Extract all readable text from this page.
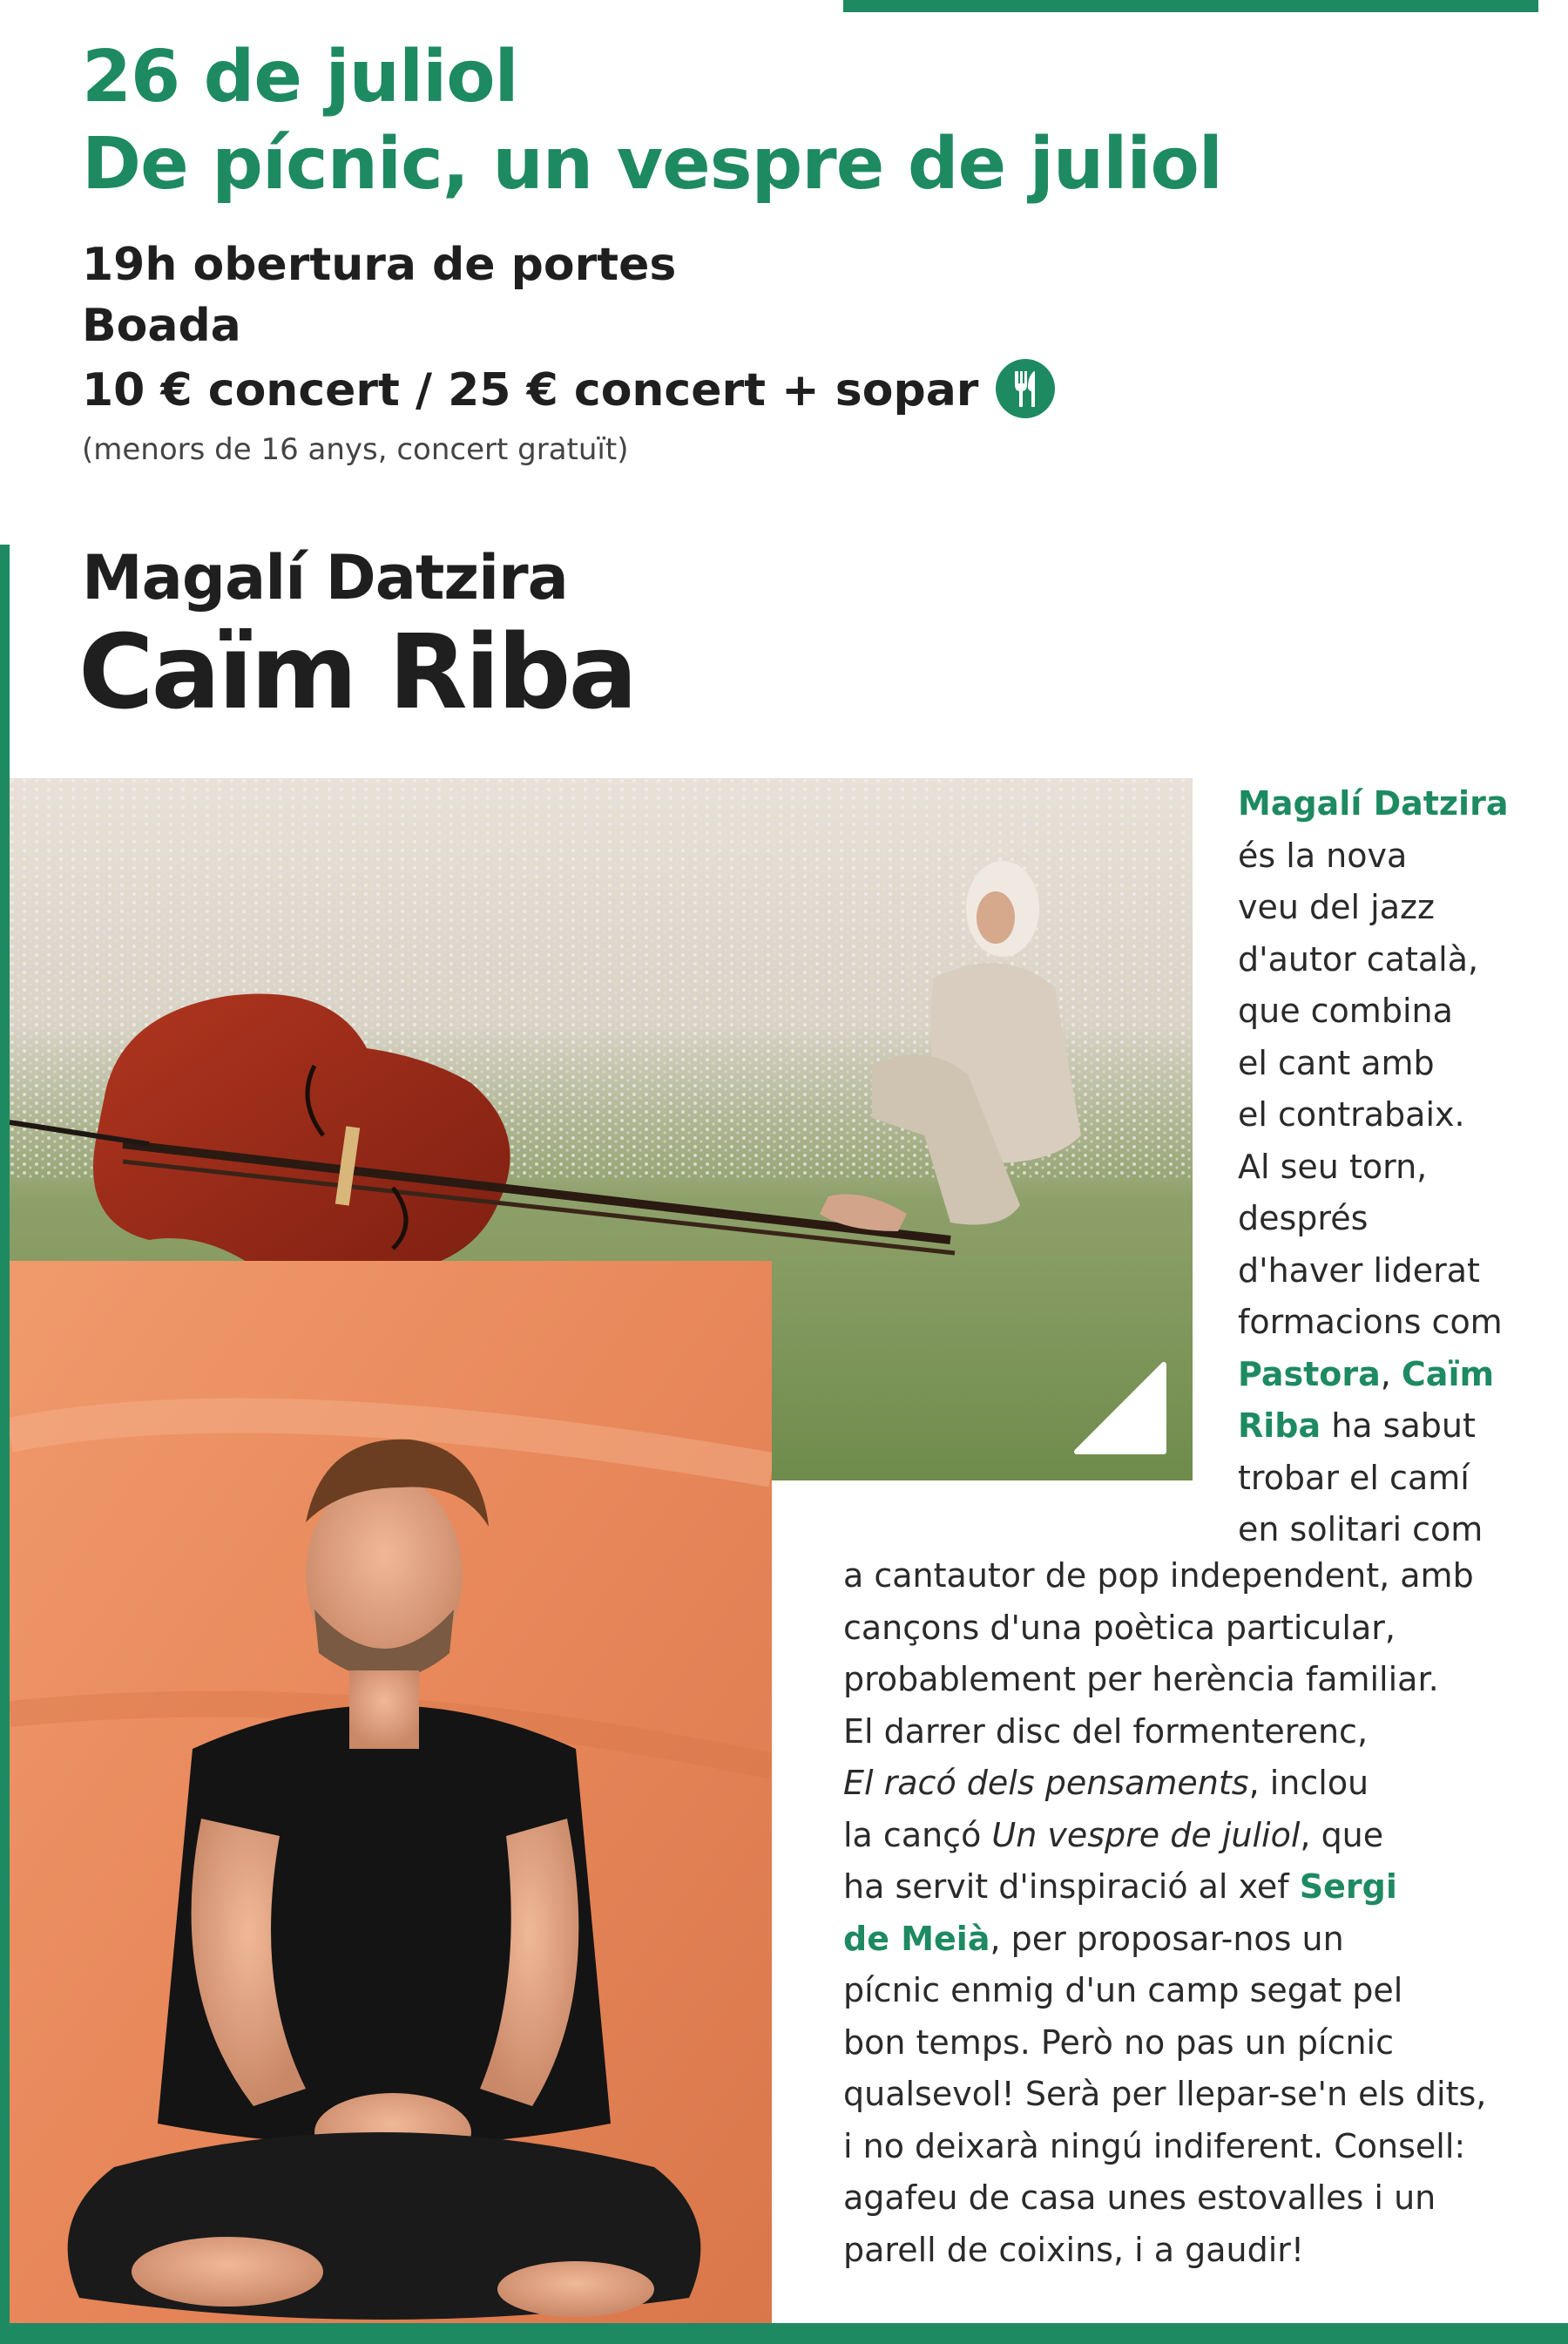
26 de juliol
De pícnic, un vespre de juliol
19h obertura de portes
Boada
10 € concert / 25 € concert + sopar
(menors de 16 anys, concert gratuït)
Magalí Datzira
Caïm Riba
Magalí Datzira
és la nova
veu del jazz
d'autor català,
que combina
el cant amb
el contrabaix.
Al seu torn,
després
d'haver liderat
formacions com
Pastora, Caïm
Riba ha sabut
trobar el camí
en solitari com
a cantautor de pop independent, amb
cançons d'una poètica particular,
probablement per herència familiar.
El darrer disc del formenterenc,
El racó dels pensaments, inclou
la cançó Un vespre de juliol, que
ha servit d'inspiració al xef Sergi
de Meià, per proposar-nos un
pícnic enmig d'un camp segat pel
bon temps. Però no pas un pícnic
qualsevol! Serà per llepar-se'n els dits,
i no deixarà ningú indiferent. Consell:
agafeu de casa unes estovalles i un
parell de coixins, i a gaudir!
